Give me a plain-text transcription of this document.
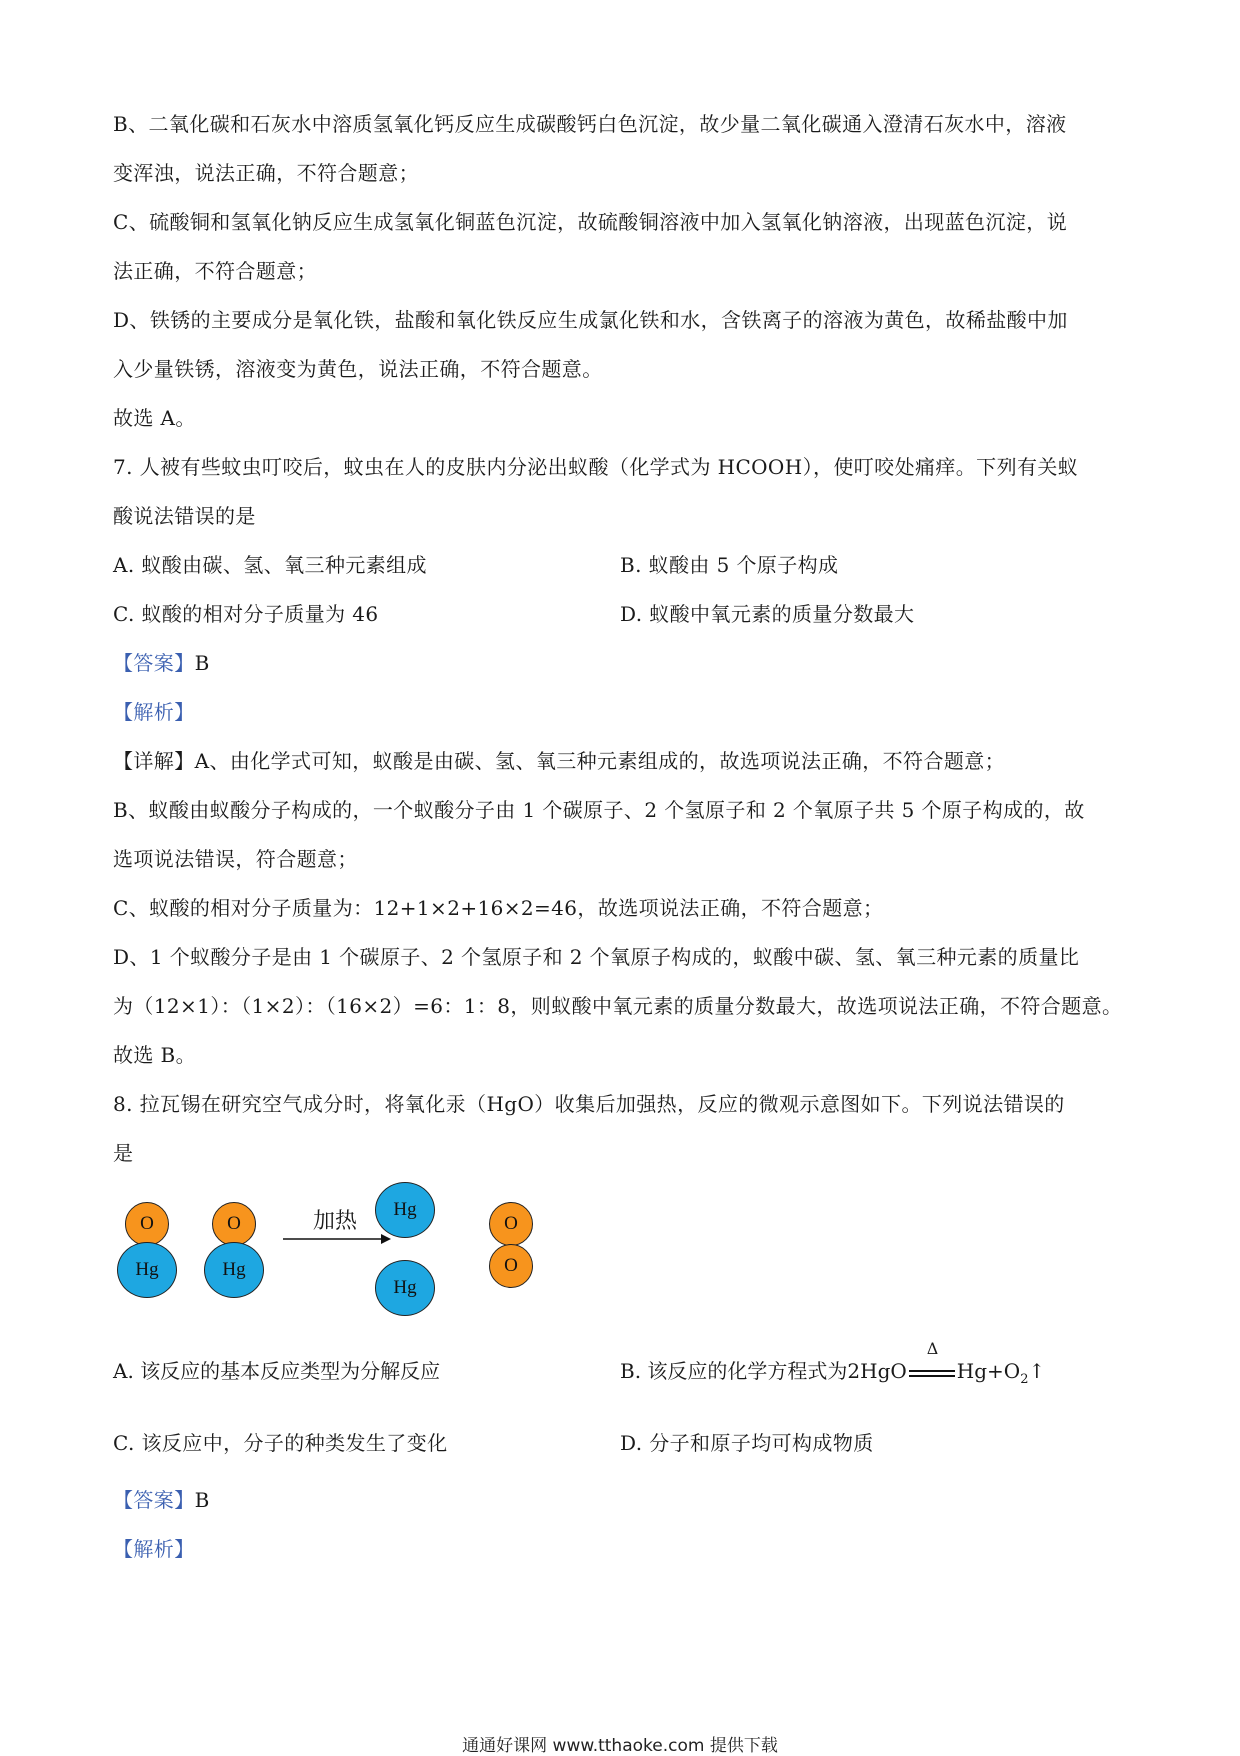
B、二氧化碳和石灰水中溶质氢氧化钙反应生成碳酸钙白色沉淀，故少量二氧化碳通入澄清石灰水中，溶液
变浑浊，说法正确，不符合题意；
C、硫酸铜和氢氧化钠反应生成氢氧化铜蓝色沉淀，故硫酸铜溶液中加入氢氧化钠溶液，出现蓝色沉淀，说
法正确，不符合题意；
D、铁锈的主要成分是氧化铁，盐酸和氧化铁反应生成氯化铁和水，含铁离子的溶液为黄色，故稀盐酸中加
入少量铁锈，溶液变为黄色，说法正确，不符合题意。
故选 A。
7. 人被有些蚊虫叮咬后，蚊虫在人的皮肤内分泌出蚁酸（化学式为 HCOOH），使叮咬处痛痒。下列有关蚁
酸说法错误的是
A. 蚁酸由碳、氢、氧三种元素组成	B. 蚁酸由 5 个原子构成
C. 蚁酸的相对分子质量为 46	D. 蚁酸中氧元素的质量分数最大
【答案】B
【解析】
【详解】A、由化学式可知，蚁酸是由碳、氢、氧三种元素组成的，故选项说法正确，不符合题意；
B、蚁酸由蚁酸分子构成的，一个蚁酸分子由 1 个碳原子、2 个氢原子和 2 个氧原子共 5 个原子构成的，故
选项说法错误，符合题意；
C、蚁酸的相对分子质量为：12+1×2+16×2=46，故选项说法正确，不符合题意；
D、1 个蚁酸分子是由 1 个碳原子、2 个氢原子和 2 个氧原子构成的，蚁酸中碳、氢、氧三种元素的质量比
为（12×1）：（1×2）：（16×2）=6：1：8，则蚁酸中氧元素的质量分数最大，故选项说法正确，不符合题意。
故选 B。
8. 拉瓦锡在研究空气成分时，将氧化汞（HgO）收集后加强热，反应的微观示意图如下。下列说法错误的
是
O
Hg
O
Hg
加热	Hg
Hg
O
O
A. 该反应的基本反应类型为分解反应	B. 该反应的化学方程式为2HgO
Δ
$Hg+O_2↑$
C. 该反应中，分子的种类发生了变化	D. 分子和原子均可构成物质
【答案】B
【解析】
通通好课网 www.tthaoke.com 提供下载
